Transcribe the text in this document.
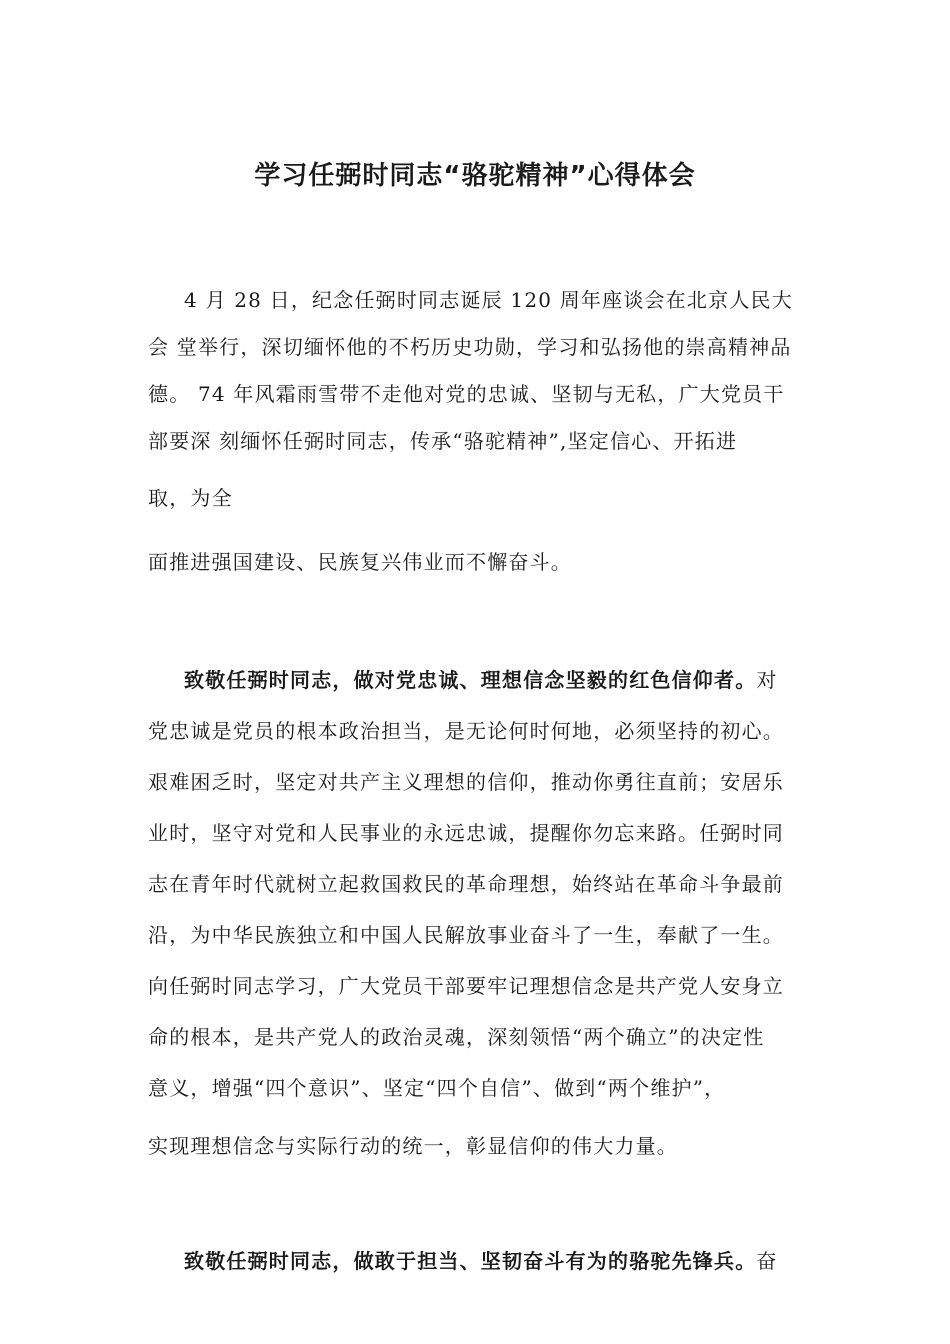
学习任弼时同志“骆驼精神”心得体会
4 月 28 日，纪念任弼时同志诞辰 120 周年座谈会在北京人民大
会 堂举行，深切缅怀他的不朽历史功勋，学习和弘扬他的崇高精神品
德。 74 年风霜雨雪带不走他对党的忠诚、坚韧与无私，广大党员干
部要深 刻缅怀任弼时同志，传承“骆驼精神”,坚定信心、开拓进
取，为全
面推进强国建设、民族复兴伟业而不懈奋斗。
致敬任弼时同志，做对党忠诚、理想信念坚毅的红色信仰者。对
党忠诚是党员的根本政治担当，是无论何时何地，必须坚持的初心。
艰难困乏时，坚定对共产主义理想的信仰，推动你勇往直前；安居乐
业时，坚守对党和人民事业的永远忠诚，提醒你勿忘来路。任弼时同
志在青年时代就树立起救国救民的革命理想，始终站在革命斗争最前
沿，为中华民族独立和中国人民解放事业奋斗了一生，奉献了一生。
向任弼时同志学习，广大党员干部要牢记理想信念是共产党人安身立
命的根本，是共产党人的政治灵魂，深刻领悟“两个确立”的决定性
意义，增强“四个意识”、坚定“四个自信”、做到“两个维护”，
实现理想信念与实际行动的统一，彰显信仰的伟大力量。
致敬任弼时同志，做敢于担当、坚韧奋斗有为的骆驼先锋兵。奋
